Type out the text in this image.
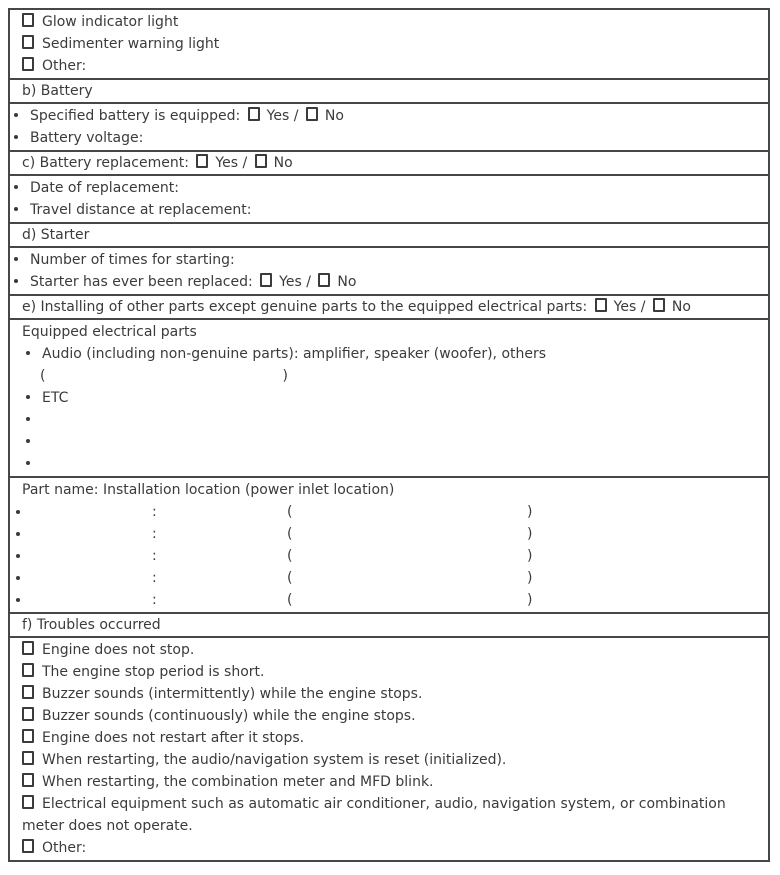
Glow indicator light
Sedimenter warning light
Other:
b) Battery
Specified battery is equipped: Yes / No
Battery voltage:
c) Battery replacement: Yes / No
Date of replacement:
Travel distance at replacement:
d) Starter
Number of times for starting:
Starter has ever been replaced: Yes / No
e) Installing of other parts except genuine parts to the equipped electrical parts: Yes / No
Equipped electrical parts
Audio (including non-genuine parts): amplifier, speaker (woofer), others
(	)
ETC
Part name: Installation location (power inlet location)
:	(	)
:	(	)
:	(	)
:	(	)
:	(	)
f) Troubles occurred
Engine does not stop.
The engine stop period is short.
Buzzer sounds (intermittently) while the engine stops.
Buzzer sounds (continuously) while the engine stops.
Engine does not restart after it stops.
When restarting, the audio/navigation system is reset (initialized).
When restarting, the combination meter and MFD blink.
Electrical equipment such as automatic air conditioner, audio, navigation system, or combination meter does not operate.
Other:
